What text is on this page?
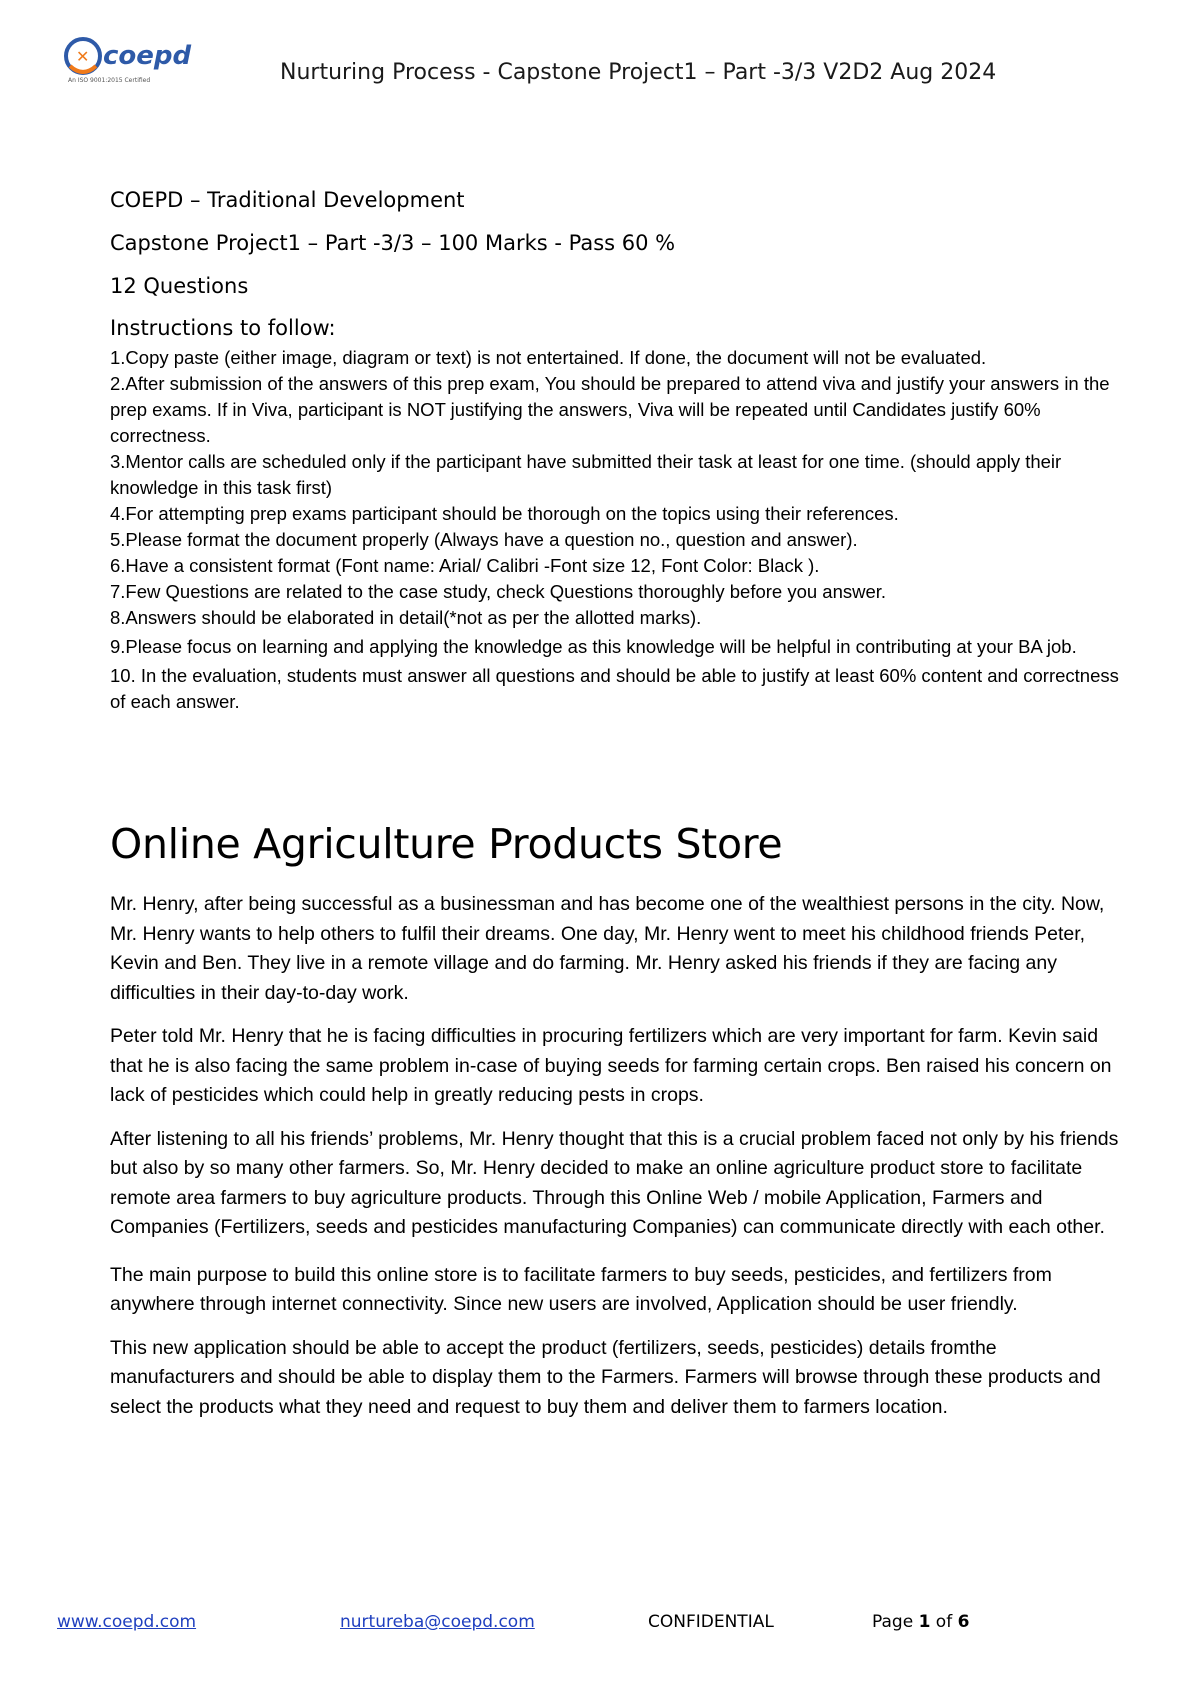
✕ coepd
An ISO 9001:2015 Certified	Nurturing Process - Capstone Project1 – Part -3/3 V2D2 Aug 2024
COEPD – Traditional Development
Capstone Project1 – Part -3/3 – 100 Marks - Pass 60 %
12 Questions
Instructions to follow:
1.Copy paste (either image, diagram or text) is not entertained. If done, the document will not be evaluated.
2.After submission of the answers of this prep exam, You should be prepared to attend viva and justify your answers in the prep exams. If in Viva, participant is NOT justifying the answers, Viva will be repeated until Candidates justify 60% correctness.
3.Mentor calls are scheduled only if the participant have submitted their task at least for one time. (should apply their knowledge in this task first)
4.For attempting prep exams participant should be thorough on the topics using their references.
5.Please format the document properly (Always have a question no., question and answer).
6.Have a consistent format (Font name: Arial/ Calibri -Font size 12, Font Color: Black ).
7.Few Questions are related to the case study, check Questions thoroughly before you answer.
8.Answers should be elaborated in detail(*not as per the allotted marks).
9.Please focus on learning and applying the knowledge as this knowledge will be helpful in contributing at your BA job.
10. In the evaluation, students must answer all questions and should be able to justify at least 60% content and correctness of each answer.
Online Agriculture Products Store

Mr. Henry, after being successful as a businessman and has become one of the wealthiest persons in the city. Now, Mr. Henry wants to help others to fulfil their dreams. One day, Mr. Henry went to meet his childhood friends Peter, Kevin and Ben. They live in a remote village and do farming. Mr. Henry asked his friends if they are facing any difficulties in their day-to-day work.

Peter told Mr. Henry that he is facing difficulties in procuring fertilizers which are very important for farm. Kevin said that he is also facing the same problem in-case of buying seeds for farming certain crops. Ben raised his concern on lack of pesticides which could help in greatly reducing pests in crops.

After listening to all his friends’ problems, Mr. Henry thought that this is a crucial problem faced not only by his friends but also by so many other farmers. So, Mr. Henry decided to make an online agriculture product store to facilitate remote area farmers to buy agriculture products. Through this Online Web / mobile Application, Farmers and Companies (Fertilizers, seeds and pesticides manufacturing Companies) can communicate directly with each other.

The main purpose to build this online store is to facilitate farmers to buy seeds, pesticides, and fertilizers from anywhere through internet connectivity. Since new users are involved, Application should be user friendly.

This new application should be able to accept the product (fertilizers, seeds, pesticides) details fromthe manufacturers and should be able to display them to the Farmers. Farmers will browse through these products and select the products what they need and request to buy them and deliver them to farmers location.

www.coepd.com	nurtureba@coepd.com	CONFIDENTIAL	Page 1 of 6
